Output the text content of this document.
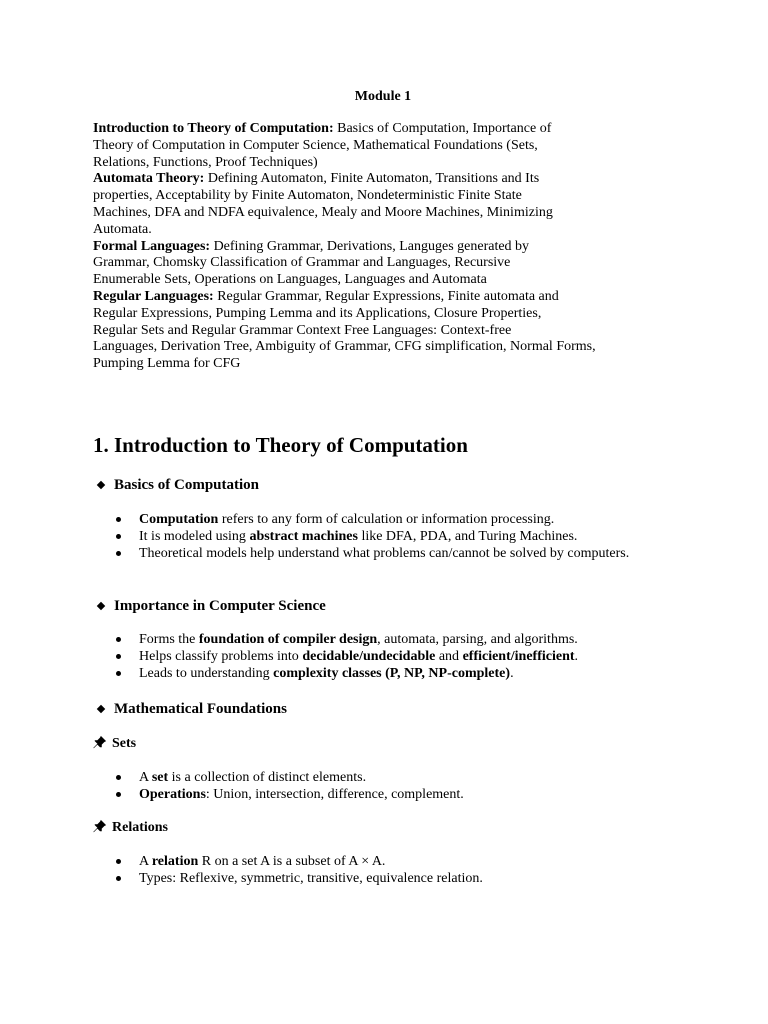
Module 1
Introduction to Theory of Computation: Basics of Computation, Importance of
Theory of Computation in Computer Science, Mathematical Foundations (Sets,
Relations, Functions, Proof Techniques)
Automata Theory: Defining Automaton, Finite Automaton, Transitions and Its
properties, Acceptability by Finite Automaton, Nondeterministic Finite State
Machines, DFA and NDFA equivalence, Mealy and Moore Machines, Minimizing
Automata.
Formal Languages: Defining Grammar, Derivations, Languges generated by
Grammar, Chomsky Classification of Grammar and Languages, Recursive
Enumerable Sets, Operations on Languages, Languages and Automata
Regular Languages: Regular Grammar, Regular Expressions, Finite automata and
Regular Expressions, Pumping Lemma and its Applications, Closure Properties,
Regular Sets and Regular Grammar Context Free Languages: Context-free
Languages, Derivation Tree, Ambiguity of Grammar, CFG simplification, Normal Forms,
Pumping Lemma for CFG
1. Introduction to Theory of Computation
Basics of Computation
Computation refers to any form of calculation or information processing.
It is modeled using abstract machines like DFA, PDA, and Turing Machines.
Theoretical models help understand what problems can/cannot be solved by computers.
Importance in Computer Science
Forms the foundation of compiler design, automata, parsing, and algorithms.
Helps classify problems into decidable/undecidable and efficient/inefficient.
Leads to understanding complexity classes (P, NP, NP-complete).
Mathematical Foundations
Sets
A set is a collection of distinct elements.
Operations: Union, intersection, difference, complement.
Relations
A relation R on a set A is a subset of A × A.
Types: Reflexive, symmetric, transitive, equivalence relation.
